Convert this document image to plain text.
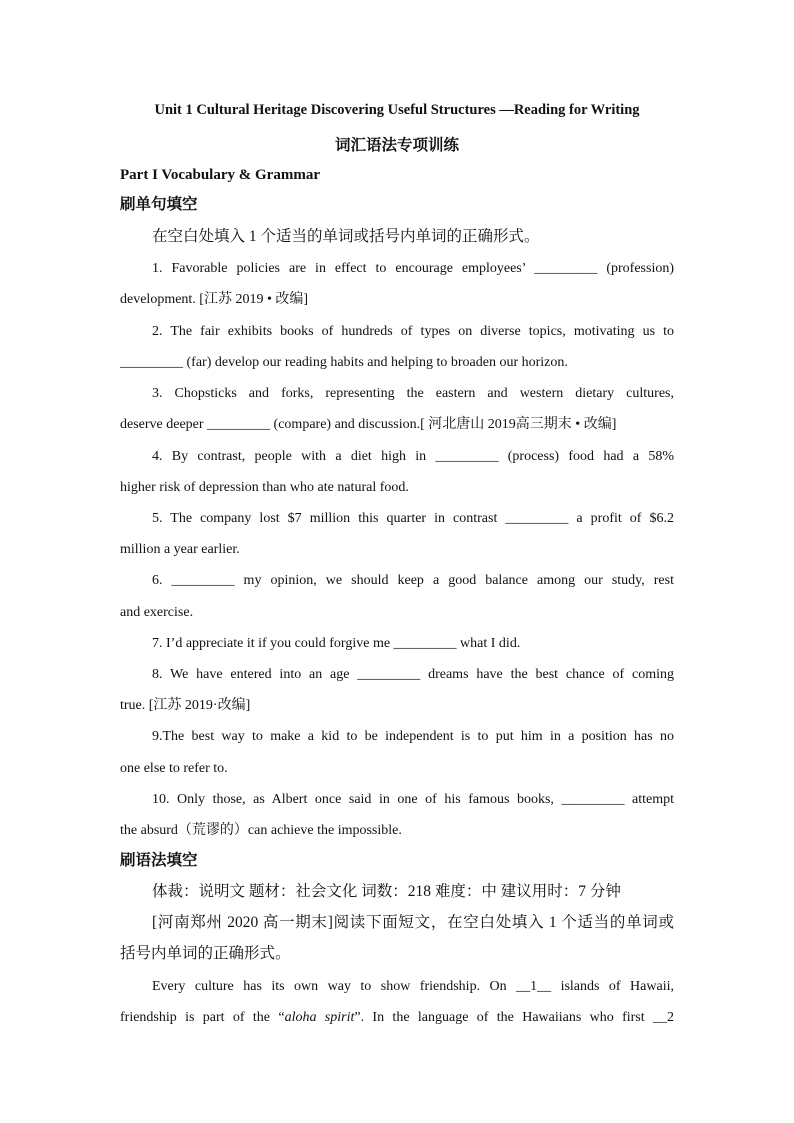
Unit 1 Cultural Heritage Discovering Useful Structures —Reading for Writing
词汇语法专项训练
Part I Vocabulary & Grammar
刷单句填空
在空白处填入 1 个适当的单词或括号内单词的正确形式。
1. Favorable policies are in effect to encourage employees’ _________ (profession)
development. [江苏 2019 • 改编]
2. The fair exhibits books of hundreds of types on diverse topics, motivating us to
_________ (far) develop our reading habits and helping to broaden our horizon.
3. Chopsticks and forks, representing the eastern and western dietary cultures,
deserve deeper _________ (compare) and discussion.[ 河北唐山 2019高三期末 • 改编]
4. By contrast, people with a diet high in _________ (process) food had a 58%
higher risk of depression than who ate natural food.
5. The company lost $7 million this quarter in contrast _________ a profit of $6.2
million a year earlier.
6. _________ my opinion, we should keep a good balance among our study, rest
and exercise.
7. I’d appreciate it if you could forgive me _________ what I did.
8. We have entered into an age _________ dreams have the best chance of coming
true. [江苏 2019·改编]
9.The best way to make a kid to be independent is to put him in a position has no
one else to refer to.
10. Only those, as Albert once said in one of his famous books, _________ attempt
the absurd（荒谬的）can achieve the impossible.
刷语法填空
体裁：说明文 题材：社会文化 词数：218 难度：中 建议用时：7 分钟
[河南郑州 2020 高一期末]阅读下面短文，在空白处填入 1 个适当的单词或
括号内单词的正确形式。
Every culture has its own way to show friendship. On __1__ islands of Hawaii,
friendship is part of the “aloha spirit”. In the language of the Hawaiians who first __2
